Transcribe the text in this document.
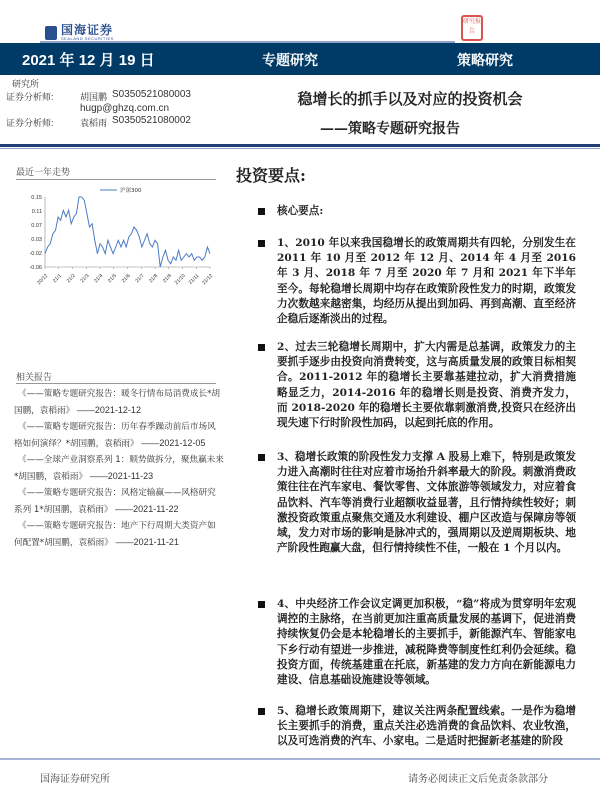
国海证券
SEALAND SECURITIES
研究报告
2021 年 12 月 19 日	专题研究	策略研究
研究所
证券分析师:	胡国鹏 S0350521080003
hugp@ghzq.com.cn
证券分析师:	袁稻雨 S0350521080002
稳增长的抓手以及对应的投资机会
——策略专题研究报告
最近一年走势
0.15
0.11
0.07
0.03
-0.02
-0.06
20/12 21/1 21/2 21/3 21/4 21/5 21/6 21/7 21/8 21/9 21/10 21/11 21/12
沪深300
相关报告
《——策略专题研究报告：暖冬行情布局消费成长*胡国鹏，袁稻雨》 ——2021-12-12
《——策略专题研究报告：历年春季躁动前后市场风格如何演绎？*胡国鹏，袁稻雨》 ——2021-12-05
《——全球产业洞察系列 1：顺势做拆分，聚焦赢未来*胡国鹏，袁稻雨》 ——2021-11-23
《——策略专题研究报告：风格定输赢——风格研究系列 1*胡国鹏，袁稻雨》 ——2021-11-22
《——策略专题研究报告：地产下行周期大类资产如何配置*胡国鹏，袁稻雨》 ——2021-11-21
投资要点:
核心要点:
1、2010 年以来我国稳增长的政策周期共有四轮，分别发生在 2011 年 10 月至 2012 年 12 月、2014 年 4 月至 2016 年 3 月、2018 年 7 月至 2020 年 7 月和 2021 年下半年至今。每轮稳增长周期中均存在政策阶段性发力的时期，政策发力次数越来越密集，均经历从提出到加码、再到高潮、直至经济企稳后逐渐淡出的过程。
2、过去三轮稳增长周期中，扩大内需是总基调，政策发力的主要抓手逐步由投资向消费转变，这与高质量发展的政策目标相契合。2011-2012 年的稳增长主要靠基建拉动，扩大消费措施略显乏力，2014-2016 年的稳增长则是投资、消费齐发力，而 2018-2020 年的稳增长主要依靠刺激消费,投资只在经济出现失速下行时阶段性加码，以起到托底的作用。
3、稳增长政策的阶段性发力支撑 A 股易上难下，特别是政策发力进入高潮时往往对应着市场抬升斜率最大的阶段。刺激消费政策往往在汽车家电、餐饮零售、文体旅游等领域发力，对应着食品饮料、汽车等消费行业超额收益显著，且行情持续性较好；刺激投资政策重点聚焦交通及水利建设、棚户区改造与保障房等领域，发力对市场的影响是脉冲式的，强周期以及逆周期板块、地产阶段性跑赢大盘，但行情持续性不佳，一般在 1 个月以内。
4、中央经济工作会议定调更加积极，“稳”将成为贯穿明年宏观调控的主脉络，在当前更加注重高质量发展的基调下，促进消费持续恢复仍会是本轮稳增长的主要抓手，新能源汽车、智能家电下乡行动有望进一步推进，减税降费等制度性红利仍会延续。稳投资方面，传统基建重在托底，新基建的发力方向在新能源电力建设、信息基础设施建设等领域。
5、稳增长政策周期下，建议关注两条配置线索。一是作为稳增长主要抓手的消费，重点关注必选消费的食品饮料、农业牧渔，以及可选消费的汽车、小家电。二是适时把握新老基建的阶段
国海证券研究所	请务必阅读正文后免责条款部分
